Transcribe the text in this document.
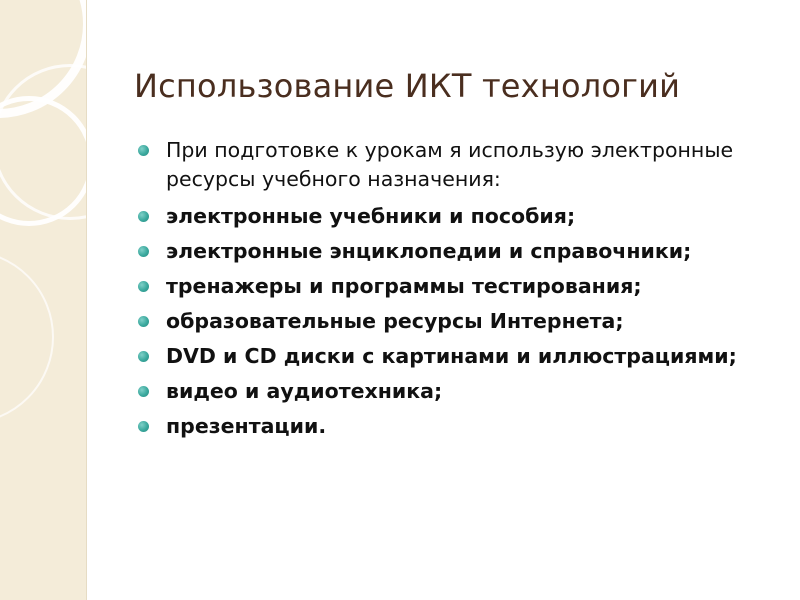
Использование ИКТ технологий
При подготовке к урокам я использую электронные ресурсы учебного назначения:
электронные учебники и пособия;
электронные энциклопедии и справочники;
тренажеры и программы тестирования;
образовательные ресурсы Интернета;
DVD и CD диски с картинами и иллюстрациями;
видео и аудиотехника;
презентации.
